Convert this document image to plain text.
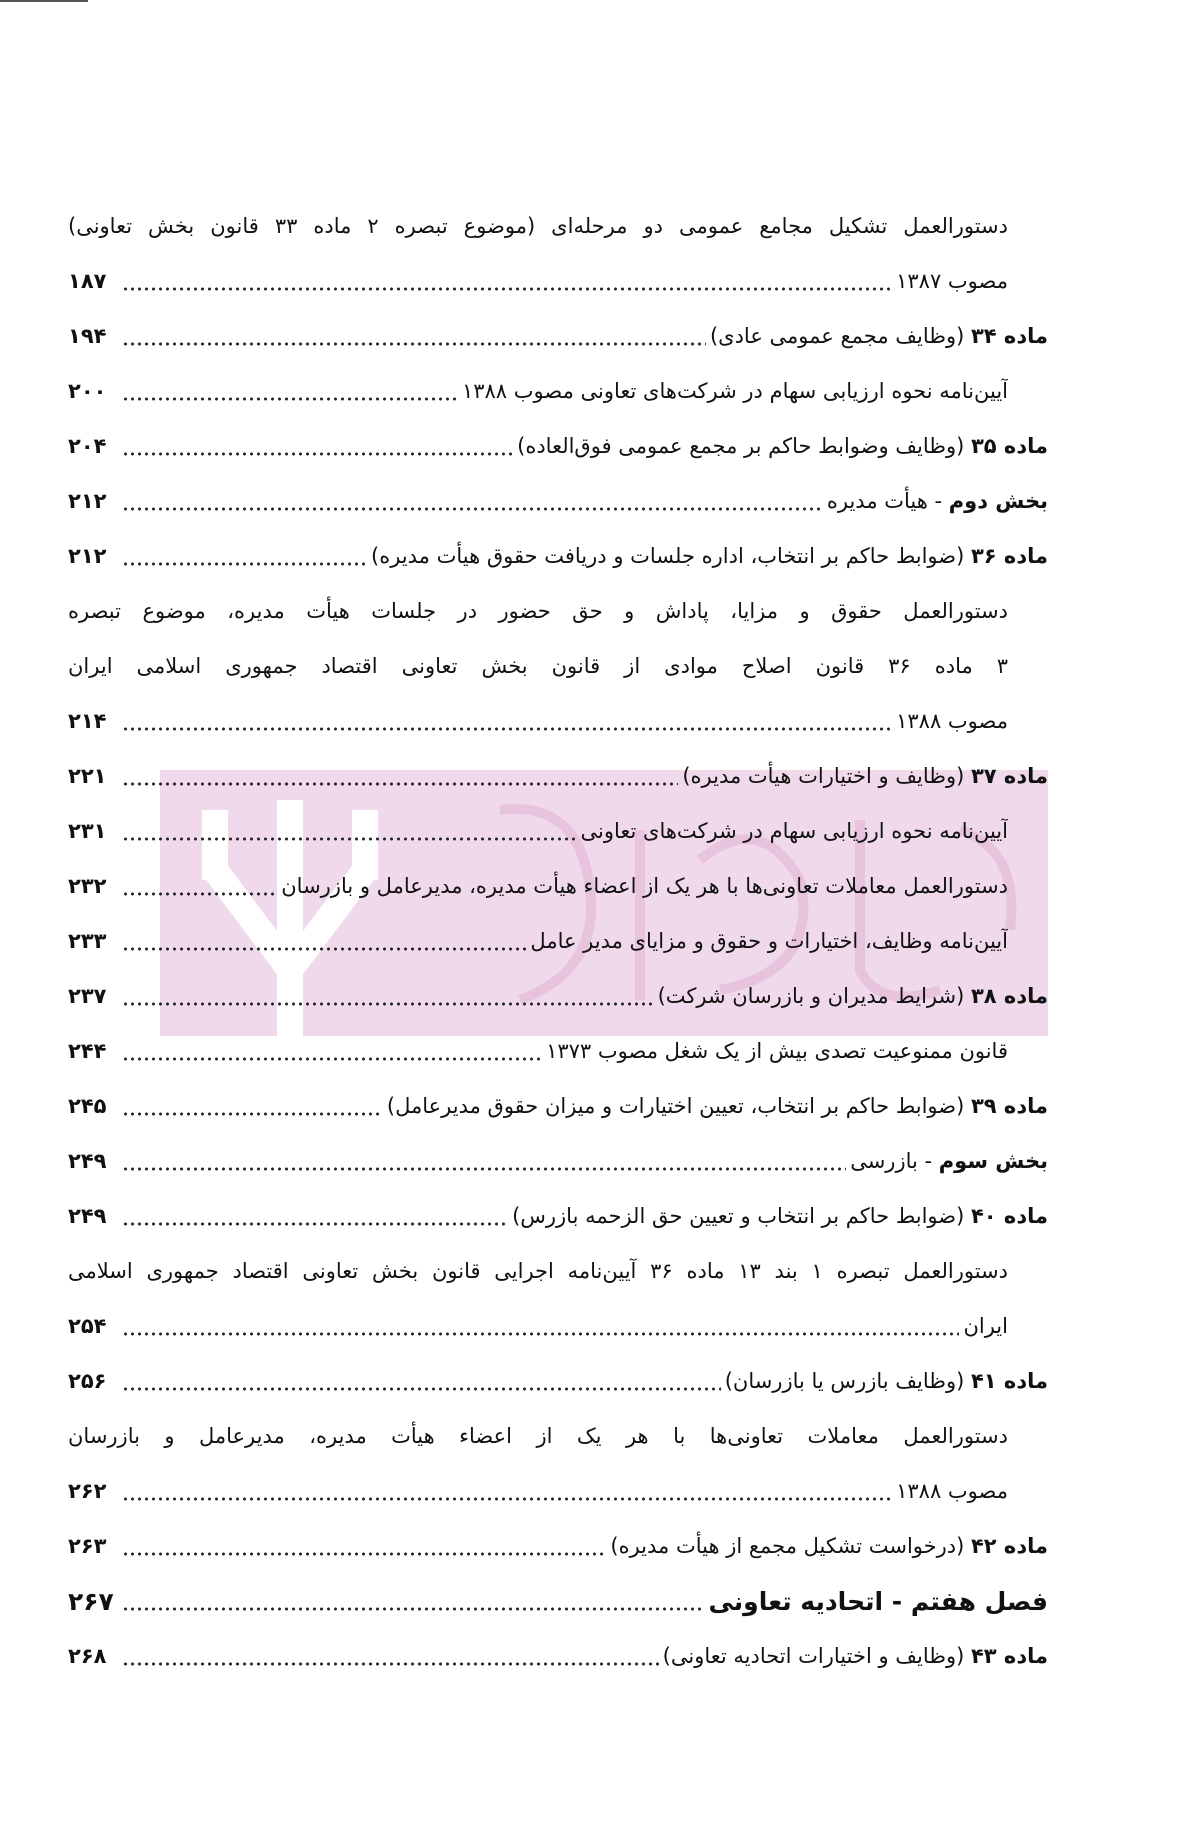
دستورالعمل تشکیل مجامع عمومی دو مرحله‌ای (موضوع تبصره ۲ ماده ۳۳ قانون بخش تعاونی)
مصوب ۱۳۸۷
۱۸۷
ماده ۳۴ (وظایف مجمع عمومی عادی)
۱۹۴
آیین‌نامه نحوه ارزیابی سهام در شرکت‌های تعاونی مصوب ۱۳۸۸
۲۰۰
ماده ۳۵ (وظایف وضوابط حاکم بر مجمع عمومی فوق‌العاده)
۲۰۴
بخش دوم - هیأت مدیره
۲۱۲
ماده ۳۶ (ضوابط حاکم بر انتخاب، اداره جلسات و دریافت حقوق هیأت مدیره)
۲۱۲
دستورالعمل حقوق و مزایا، پاداش و حق حضور در جلسات هیأت مدیره، موضوع تبصره
۳ ماده ۳۶ قانون اصلاح موادی از قانون بخش تعاونی اقتصاد جمهوری اسلامی ایران
مصوب ۱۳۸۸
۲۱۴
ماده ۳۷ (وظایف و اختیارات هیأت مدیره)
۲۲۱
آیین‌نامه نحوه ارزیابی سهام در شرکت‌های تعاونی
۲۳۱
دستورالعمل معاملات تعاونی‌ها با هر یک از اعضاء هیأت مدیره، مدیرعامل و بازرسان
۲۳۲
آیین‌نامه وظایف، اختیارات و حقوق و مزایای مدیر عامل
۲۳۳
ماده ۳۸ (شرایط مدیران و بازرسان شرکت)
۲۳۷
قانون ممنوعیت تصدی بیش از یک شغل مصوب ۱۳۷۳
۲۴۴
ماده ۳۹ (ضوابط حاکم بر انتخاب، تعیین اختیارات و میزان حقوق مدیرعامل)
۲۴۵
بخش سوم - بازرسی
۲۴۹
ماده ۴۰ (ضوابط حاکم بر انتخاب و تعیین حق الزحمه بازرس)
۲۴۹
دستورالعمل تبصره ۱ بند ۱۳ ماده ۳۶ آیین‌نامه اجرایی قانون بخش تعاونی اقتصاد جمهوری اسلامی
ایران
۲۵۴
ماده ۴۱ (وظایف بازرس یا بازرسان)
۲۵۶
دستورالعمل معاملات تعاونی‌ها با هر یک از اعضاء هیأت مدیره، مدیرعامل و بازرسان
مصوب ۱۳۸۸
۲۶۲
ماده ۴۲ (درخواست تشکیل مجمع از هیأت مدیره)
۲۶۳
فصل هفتم - اتحادیه تعاونی
۲۶۷
ماده ۴۳ (وظایف و اختیارات اتحادیه تعاونی)
۲۶۸
